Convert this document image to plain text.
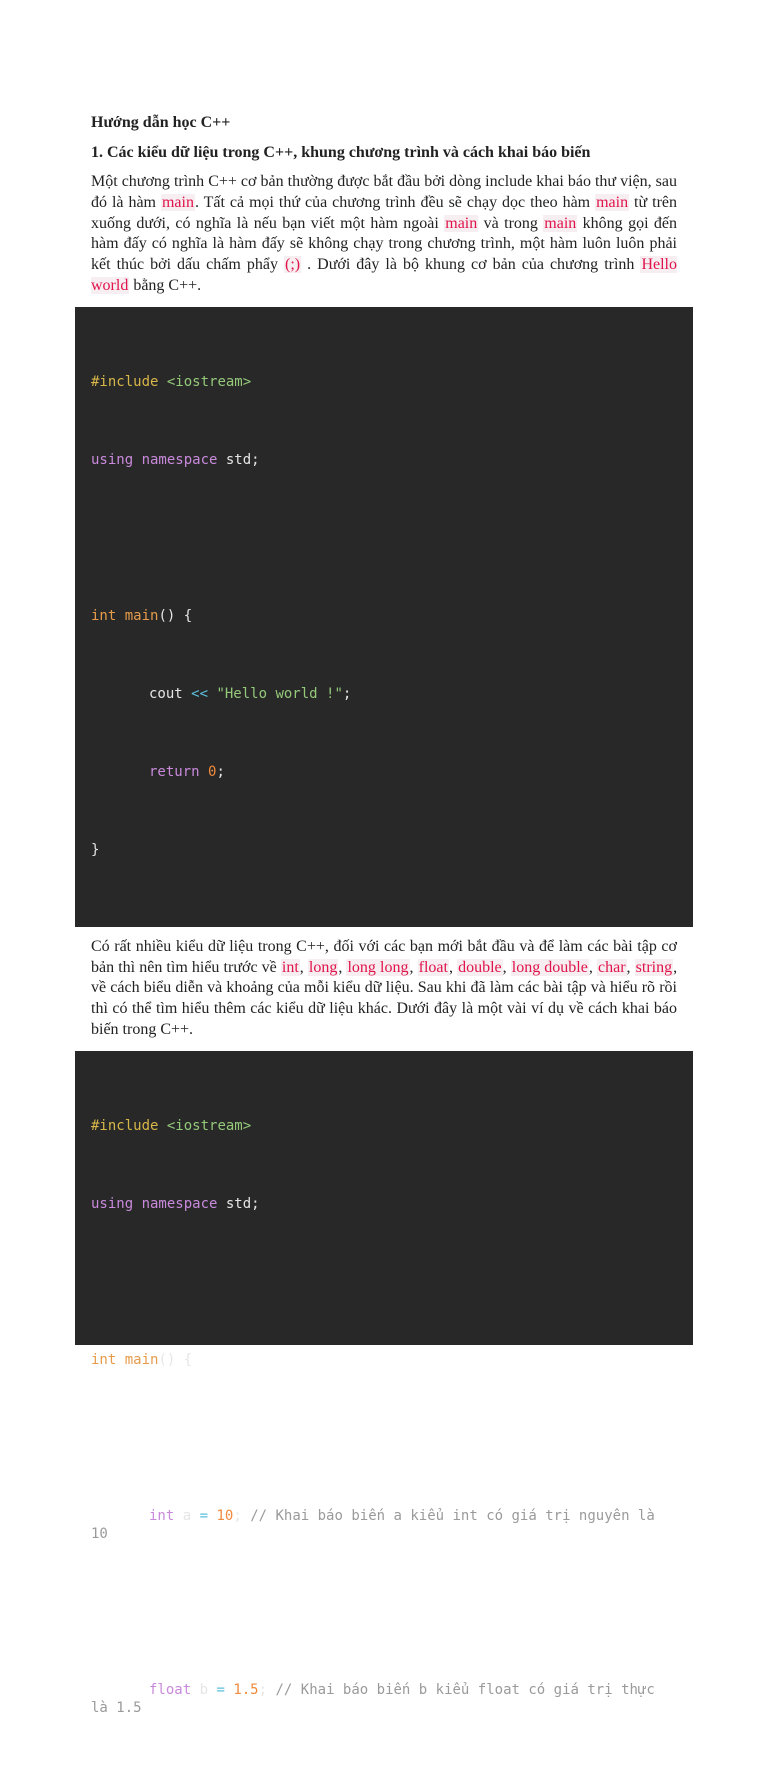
Hướng dẫn học C++
1. Các kiểu dữ liệu trong C++, khung chương trình và cách khai báo biến

Một chương trình C++ cơ bản thường được bắt đầu bởi dòng include khai báo thư viện, sau đó là hàm main. Tất cả mọi thứ của chương trình đều sẽ chạy dọc theo hàm main từ trên xuống dưới, có nghĩa là nếu bạn viết một hàm ngoài main và trong main không gọi đến hàm đấy có nghĩa là hàm đấy sẽ không chạy trong chương trình, một hàm luôn luôn phải kết thúc bởi dấu chấm phẩy (;) . Dưới đây là bộ khung cơ bản của chương trình Hello world bằng C++.

#include <iostream>

using namespace std;

int main() {

cout << "Hello world !";

return 0;

}

Có rất nhiều kiểu dữ liệu trong C++, đối với các bạn mới bắt đầu và để làm các bài tập cơ bản thì nên tìm hiểu trước về int, long, long long, float, double, long double, char, string, về cách biểu diễn và khoảng của mỗi kiểu dữ liệu. Sau khi đã làm các bài tập và hiểu rõ rồi thì có thể tìm hiểu thêm các kiểu dữ liệu khác. Dưới đây là một vài ví dụ về cách khai báo biến trong C++.

#include <iostream>

using namespace std;

int main() {

int a = 10; // Khai báo biến a kiểu int có giá trị nguyên là 10

float b = 1.5; // Khai báo biến b kiểu float có giá trị thực là 1.5
